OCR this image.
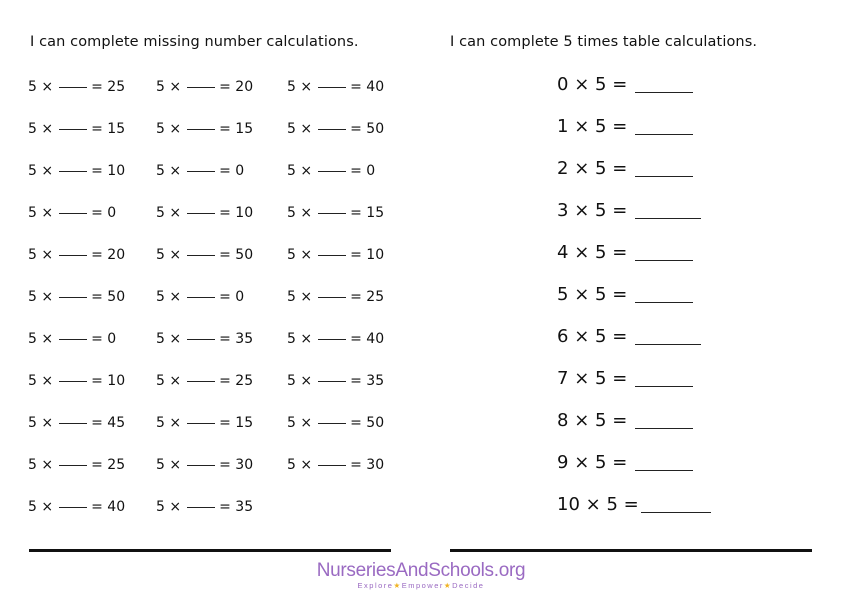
I can complete missing number calculations.	I can complete 5 times table calculations.
5 ×	= 25 5 ×	= 20 5 ×	= 40
5 ×	= 15 5 ×	= 15 5 ×	= 50
5 ×	= 10 5 ×	= 0	5 ×	= 0
5 ×	= 0	5 ×	= 10 5 ×	= 15
5 ×	= 20 5 ×	= 50 5 ×	= 10
5 ×	= 50 5 ×	= 0	5 ×	= 25
5 ×	= 0	5 ×	= 35 5 ×	= 40
5 ×	= 10 5 ×	= 25 5 ×	= 35
5 ×	= 45 5 ×	= 15 5 ×	= 50
5 ×	= 25 5 ×	= 30 5 ×	= 30
5 ×	= 40 5 ×	= 35
0 × 5 =
1 × 5 =
2 × 5 =
3 × 5 =
4 × 5 =
5 × 5 =
6 × 5 =
7 × 5 =
8 × 5 =
9 × 5 =
10 × 5 =
NurseriesAndSchools.org
Explore★Empower★Decide
